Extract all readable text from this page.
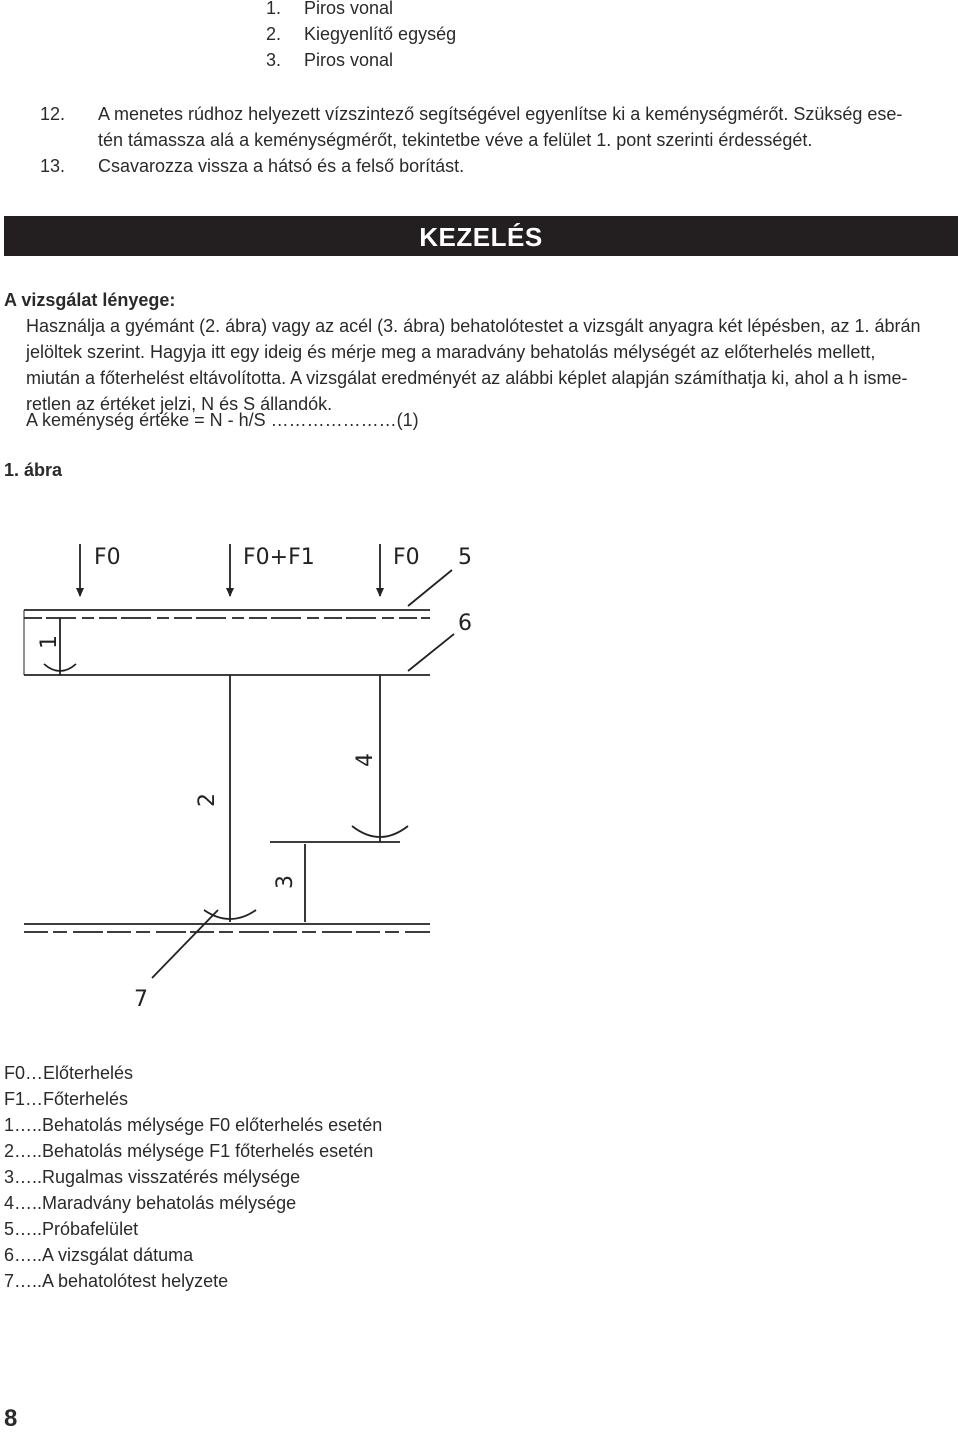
1.	Piros vonal
2.	Kiegyenlítő egység
3.	Piros vonal
12. A menetes rúdhoz helyezett vízszintező segítségével egyenlítse ki a keménységmérőt. Szükség ese-
tén támassza alá a keménységmérőt, tekintetbe véve a felület 1. pont szerinti érdességét.
13. Csavarozza vissza a hátsó és a felső borítást.
KEZELÉS
A vizsgálat lényege:
Használja a gyémánt (2. ábra) vagy az acél (3. ábra) behatolótestet a vizsgált anyagra két lépésben, az 1. ábrán
jelöltek szerint. Hagyja itt egy ideig és mérje meg a maradvány behatolás mélységét az előterhelés mellett,
miután a főterhelést eltávolította. A vizsgálat eredményét az alábbi képlet alapján számíthatja ki, ahol a h isme-
retlen az értéket jelzi, N és S állandók.
A keménység értéke = N - h/S …………………(1)
1. ábra
F0	F0+F1	F0 5
6
7
1
2
3
4
F0…Előterhelés
F1…Főterhelés
1…..Behatolás mélysége F0 előterhelés esetén
2…..Behatolás mélysége F1 főterhelés esetén
3…..Rugalmas visszatérés mélysége
4…..Maradvány behatolás mélysége
5…..Próbafelület
6…..A vizsgálat dátuma
7…..A behatolótest helyzete
8
